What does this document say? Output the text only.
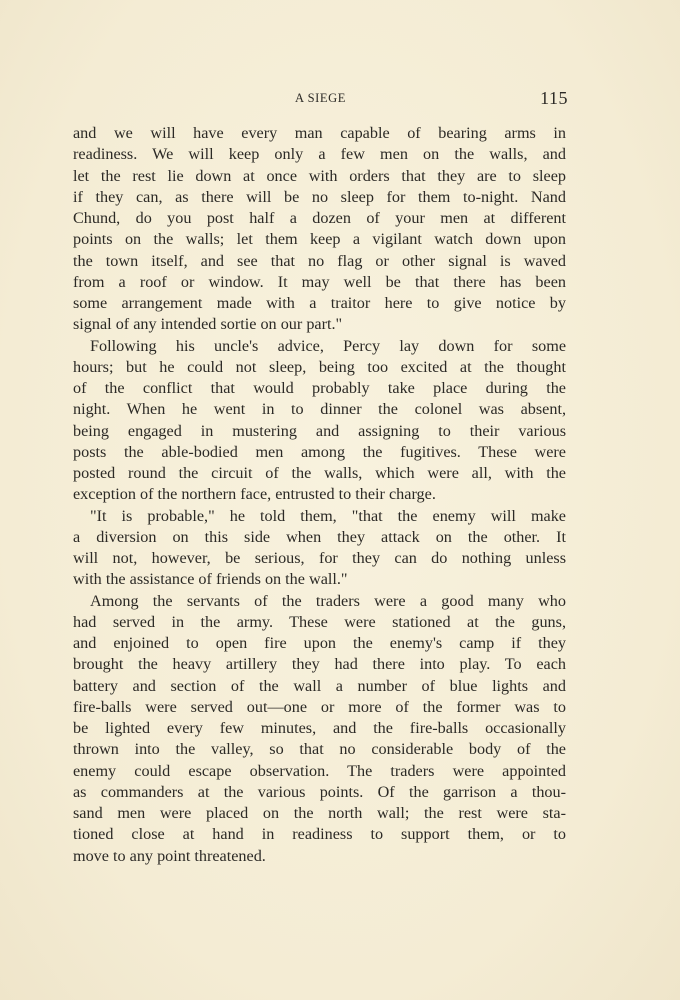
A SIEGE	115
and we will have every man capable of bearing arms in
readiness. We will keep only a few men on the walls, and
let the rest lie down at once with orders that they are to sleep
if they can, as there will be no sleep for them to-night. Nand
Chund, do you post half a dozen of your men at different
points on the walls; let them keep a vigilant watch down upon
the town itself, and see that no flag or other signal is waved
from a roof or window. It may well be that there has been
some arrangement made with a traitor here to give notice by
signal of any intended sortie on our part."
Following his uncle's advice, Percy lay down for some
hours; but he could not sleep, being too excited at the thought
of the conflict that would probably take place during the
night. When he went in to dinner the colonel was absent,
being engaged in mustering and assigning to their various
posts the able-bodied men among the fugitives. These were
posted round the circuit of the walls, which were all, with the
exception of the northern face, entrusted to their charge.
"It is probable," he told them, "that the enemy will make
a diversion on this side when they attack on the other. It
will not, however, be serious, for they can do nothing unless
with the assistance of friends on the wall."
Among the servants of the traders were a good many who
had served in the army. These were stationed at the guns,
and enjoined to open fire upon the enemy's camp if they
brought the heavy artillery they had there into play. To each
battery and section of the wall a number of blue lights and
fire-balls were served out—one or more of the former was to
be lighted every few minutes, and the fire-balls occasionally
thrown into the valley, so that no considerable body of the
enemy could escape observation. The traders were appointed
as commanders at the various points. Of the garrison a thou-
sand men were placed on the north wall; the rest were sta-
tioned close at hand in readiness to support them, or to
move to any point threatened.
